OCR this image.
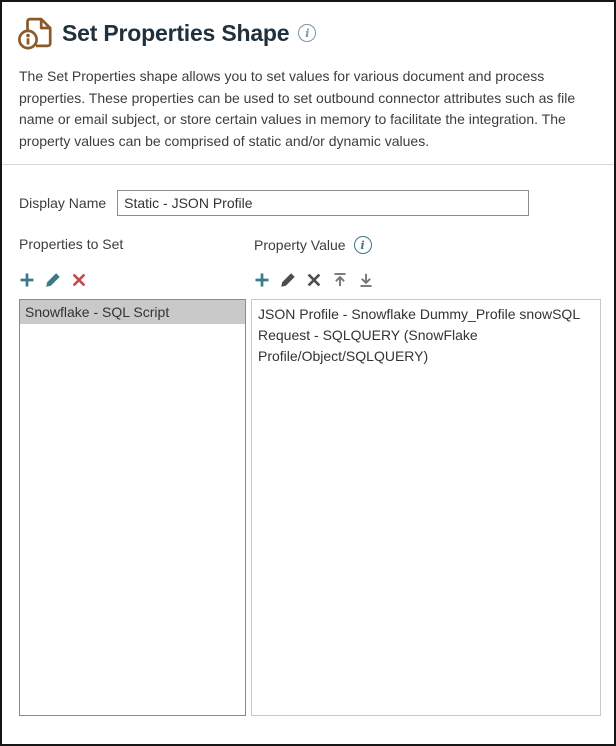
Set Properties Shape
i
The Set Properties shape allows you to set values for various document and process properties. These properties can be used to set outbound connector attributes such as file name or email subject, or store certain values in memory to facilitate the integration. The property values can be comprised of static and/or dynamic values.
Display Name
Static - JSON Profile
Properties to Set	Property Value
i
Snowflake - SQL Script	JSON Profile - Snowflake Dummy_Profile snowSQL Request - SQLQUERY (SnowFlake Profile/Object/SQLQUERY)
